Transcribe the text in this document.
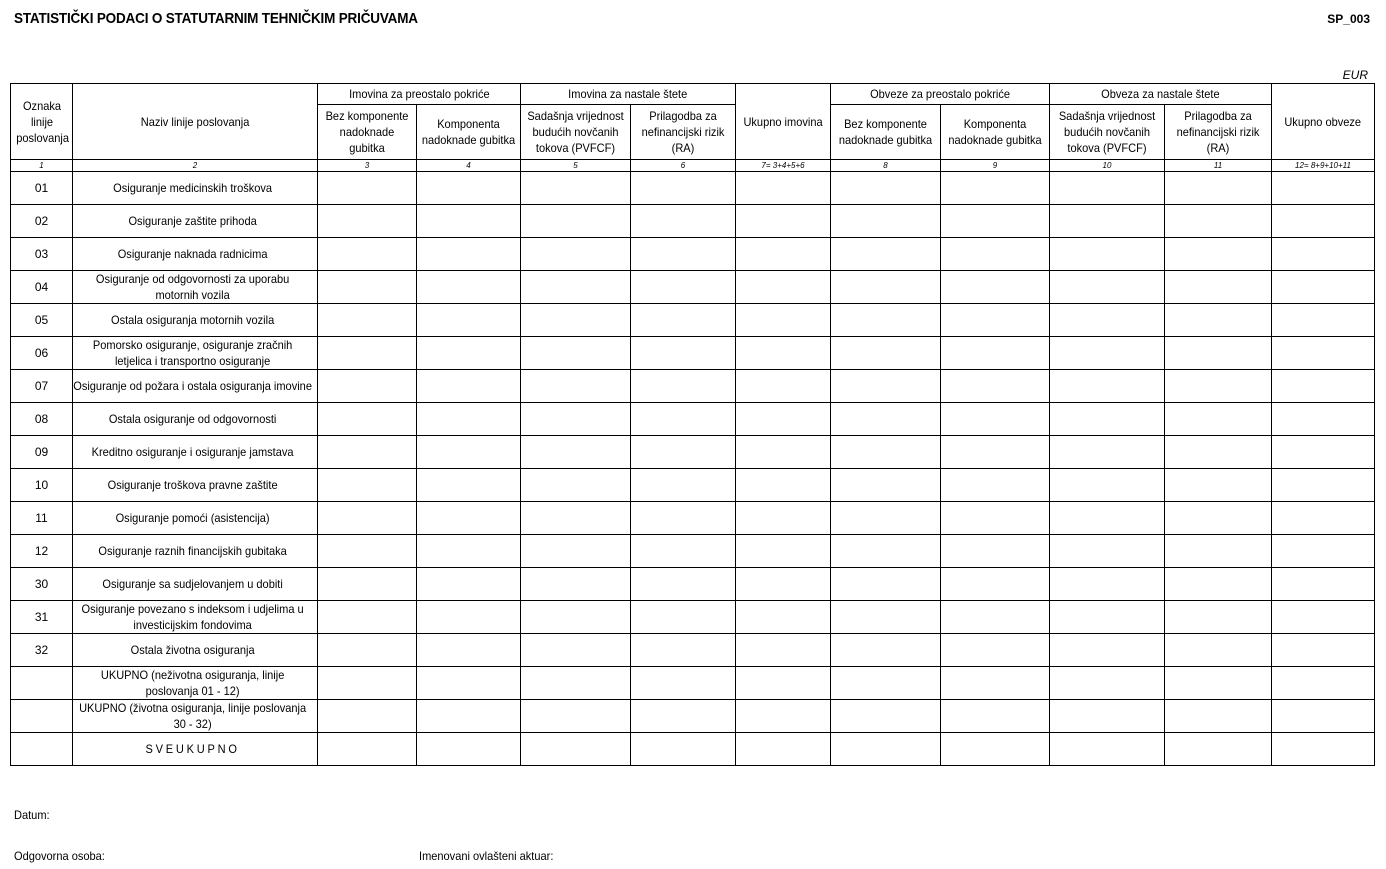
STATISTIČKI PODACI O STATUTARNIM TEHNIČKIM PRIČUVAMA	SP_003
EUR
Oznaka linije poslovanja	Naziv linije poslovanja	Imovina za preostalo pokriće		Imovina za nastale štete		Ukupno imovina	Obveze za preostalo pokriće		Obveza za nastale štete		Ukupno obveze
		Bez komponente nadoknade gubitka	Komponenta nadoknade gubitka	Sadašnja vrijednost budućih novčanih tokova (PVFCF)	Prilagodba za nefinancijski rizik (RA)		Bez komponente nadoknade gubitka	Komponenta nadoknade gubitka	Sadašnja vrijednost budućih novčanih tokova (PVFCF)	Prilagodba za nefinancijski rizik (RA)	
1	2	3	4	5	6	7= 3+4+5+6	8	9	10	11	12= 8+9+10+11
01	Osiguranje medicinskih troškova										
02	Osiguranje zaštite prihoda										
03	Osiguranje naknada radnicima										
04	Osiguranje od odgovornosti za uporabu motornih vozila										
05	Ostala osiguranja motornih vozila										
06	Pomorsko osiguranje, osiguranje zračnih letjelica i transportno osiguranje										
07	Osiguranje od požara i ostala osiguranja imovine										
08	Ostala osiguranje od odgovornosti										
09	Kreditno osiguranje i osiguranje jamstava										
10	Osiguranje troškova pravne zaštite										
11	Osiguranje pomoći (asistencija)										
12	Osiguranje raznih financijskih gubitaka										
30	Osiguranje sa sudjelovanjem u dobiti										
31	Osiguranje povezano s indeksom i udjelima u investicijskim fondovima										
32	Ostala životna osiguranja										
	UKUPNO (neživotna osiguranja, linije poslovanja 01 - 12)										
	UKUPNO (životna osiguranja, linije poslovanja 30 - 32)										
	SVEUKUPNO										
Datum:
Odgovorna osoba:	Imenovani ovlašteni aktuar:
